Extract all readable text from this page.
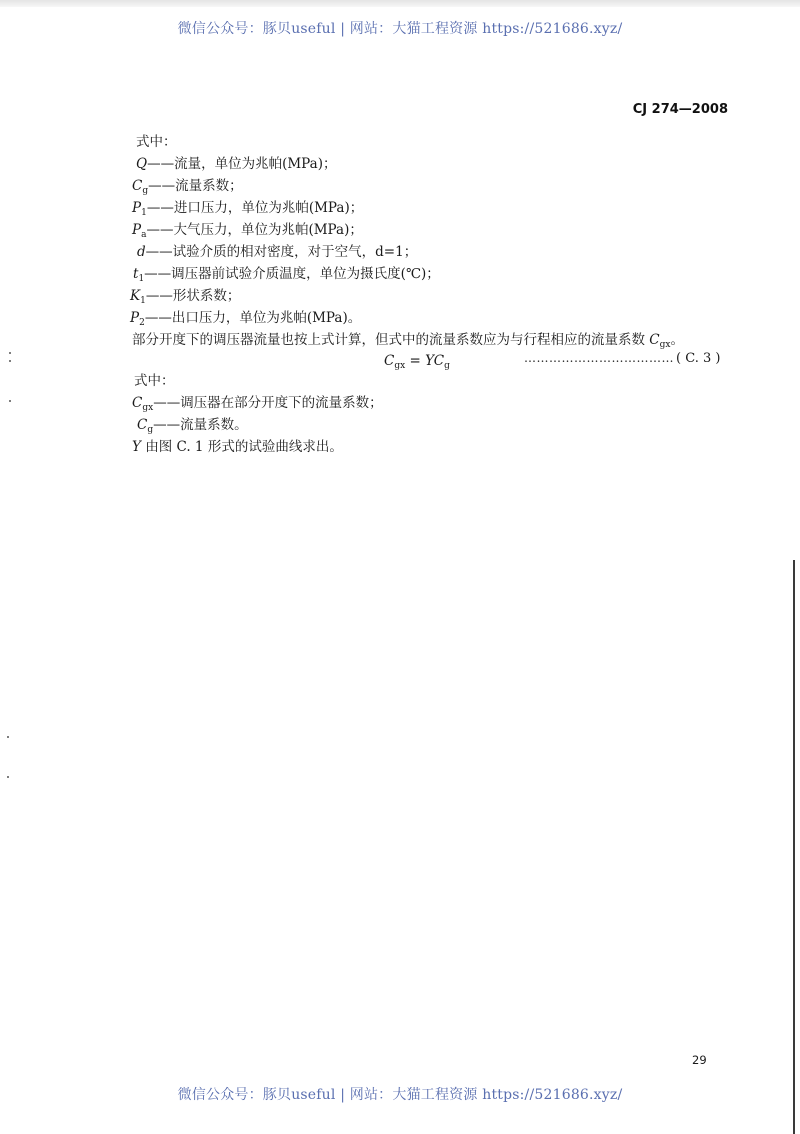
微信公众号：豚贝useful | 网站：大猫工程资源 https://521686.xyz/
CJ 274—2008
式中：
Q——流量，单位为兆帕(MPa)；
$C_g——$流量系数；
$P_1——$进口压力，单位为兆帕(MPa)；
$P_a——$大气压力，单位为兆帕(MPa)；
d——试验介质的相对密度，对于空气，d=1；
$t_1——$调压器前试验介质温度，单位为摄氏度(℃)；
$K_1——$形状系数；
$P_2——$出口压力，单位为兆帕(MPa)。
部分开度下的调压器流量也按上式计算，但式中的流量系数应为与行程相应的流量系数 $C_{gx}$。
$C_{gx} = YC_g$
……………………………… ( C. 3 )
式中：
$C_{gx}——$调压器在部分开度下的流量系数；
$C_g——$流量系数。
Y 由图 C. 1 形式的试验曲线求出。
29
微信公众号：豚贝useful | 网站：大猫工程资源 https://521686.xyz/
